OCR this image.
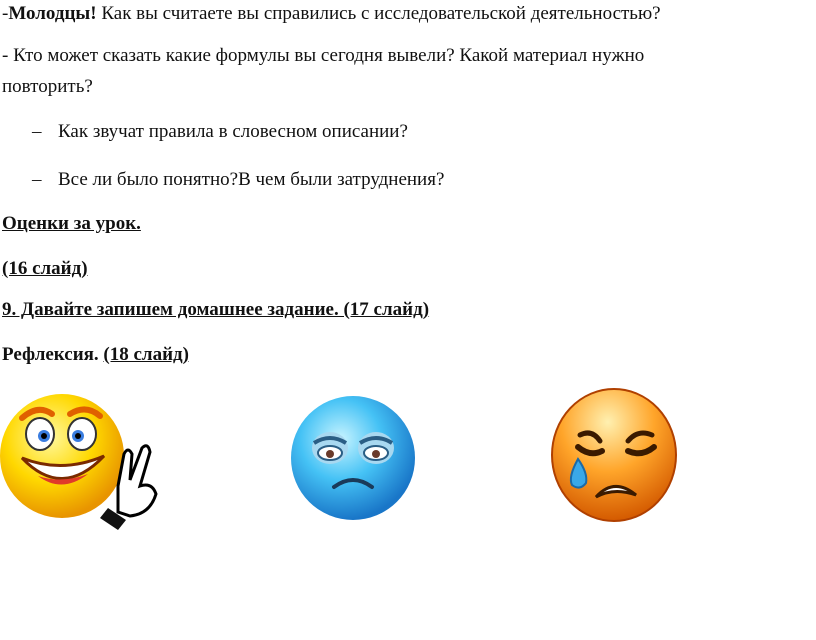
-Молодцы! Как вы считаете вы справились с исследовательской деятельностью?
- Кто может сказать какие формулы вы сегодня вывели? Какой материал нужно
повторить?
– Как звучат правила в словесном описании?
– Все ли было понятно?В чем были затруднения?
Оценки за урок.
(16 слайд)
9. Давайте запишем домашнее задание. (17 слайд)
Рефлексия. (18 слайд)
